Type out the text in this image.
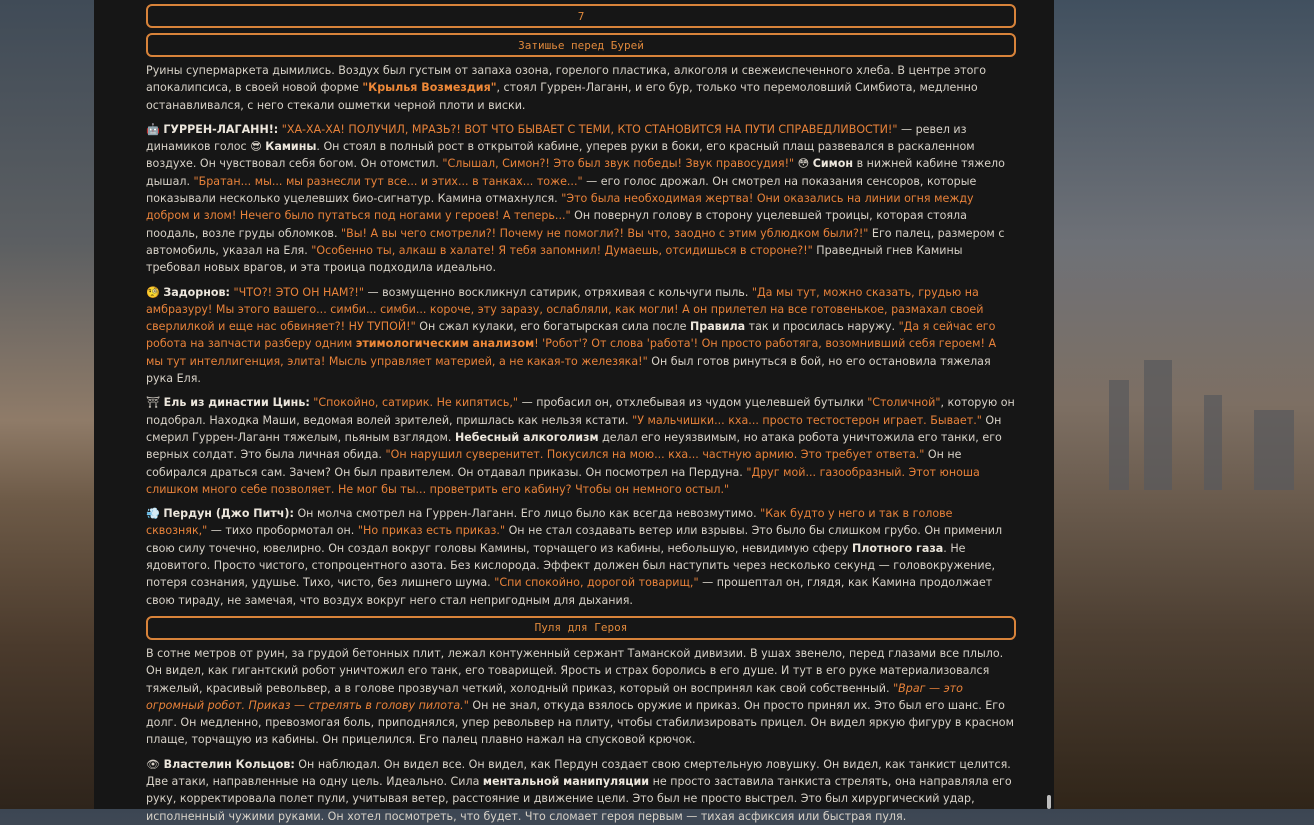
7
Затишье перед Бурей

Руины супермаркета дымились. Воздух был густым от запаха озона, горелого пластика, алкоголя и свежеиспеченного хлеба. В центре этого апокалипсиса, в своей новой форме "Крылья Возмездия", стоял Гуррен-Лаганн, и его бур, только что перемоловший Симбиота, медленно останавливался, с него стекали ошметки черной плоти и виски.

🤖 ГУРРЕН-ЛАГАНН!: "ХА-ХА-ХА! ПОЛУЧИЛ, МРАЗЬ?! ВОТ ЧТО БЫВАЕТ С ТЕМИ, КТО СТАНОВИТСЯ НА ПУТИ СПРАВЕДЛИВОСТИ!" — ревел из динамиков голос 😎 Камины. Он стоял в полный рост в открытой кабине, уперев руки в боки, его красный плащ развевался в раскаленном воздухе. Он чувствовал себя богом. Он отомстил. "Слышал, Симон?! Это был звук победы! Звук правосудия!" 😳 Симон в нижней кабине тяжело дышал. "Братан... мы... мы разнесли тут все... и этих... в танках... тоже..." — его голос дрожал. Он смотрел на показания сенсоров, которые показывали несколько уцелевших био-сигнатур. Камина отмахнулся. "Это была необходимая жертва! Они оказались на линии огня между добром и злом! Нечего было путаться под ногами у героев! А теперь..." Он повернул голову в сторону уцелевшей троицы, которая стояла поодаль, возле груды обломков. "Вы! А вы чего смотрели?! Почему не помогли?! Вы что, заодно с этим ублюдком были?!" Его палец, размером с автомобиль, указал на Еля. "Особенно ты, алкаш в халате! Я тебя запомнил! Думаешь, отсидишься в стороне?!" Праведный гнев Камины требовал новых врагов, и эта троица подходила идеально.

🧐 Задорнов: "ЧТО?! ЭТО ОН НАМ?!" — возмущенно воскликнул сатирик, отряхивая с кольчуги пыль. "Да мы тут, можно сказать, грудью на амбразуру! Мы этого вашего... симби... симби... короче, эту заразу, ослабляли, как могли! А он прилетел на все готовенькое, размахал своей сверлилкой и еще нас обвиняет?! НУ ТУПОЙ!" Он сжал кулаки, его богатырская сила после Правила так и просилась наружу. "Да я сейчас его робота на запчасти разберу одним этимологическим анализом! 'Робот'? От слова 'работа'! Он просто работяга, возомнивший себя героем! А мы тут интеллигенция, элита! Мысль управляет материей, а не какая-то железяка!" Он был готов ринуться в бой, но его остановила тяжелая рука Еля.

⛩ Ель из династии Цинь: "Спокойно, сатирик. Не кипятись," — пробасил он, отхлебывая из чудом уцелевшей бутылки "Столичной", которую он подобрал. Находка Маши, ведомая волей зрителей, пришлась как нельзя кстати. "У мальчишки... кха... просто тестостерон играет. Бывает." Он смерил Гуррен-Лаганн тяжелым, пьяным взглядом. Небесный алкоголизм делал его неуязвимым, но атака робота уничтожила его танки, его верных солдат. Это была личная обида. "Он нарушил суверенитет. Покусился на мою... кха... частную армию. Это требует ответа." Он не собирался драться сам. Зачем? Он был правителем. Он отдавал приказы. Он посмотрел на Пердуна. "Друг мой... газообразный. Этот юноша слишком много себе позволяет. Не мог бы ты... проветрить его кабину? Чтобы он немного остыл."

💨 Пердун (Джо Питч): Он молча смотрел на Гуррен-Лаганн. Его лицо было как всегда невозмутимо. "Как будто у него и так в голове сквозняк," — тихо пробормотал он. "Но приказ есть приказ." Он не стал создавать ветер или взрывы. Это было бы слишком грубо. Он применил свою силу точечно, ювелирно. Он создал вокруг головы Камины, торчащего из кабины, небольшую, невидимую сферу Плотного газа. Не ядовитого. Просто чистого, стопроцентного азота. Без кислорода. Эффект должен был наступить через несколько секунд — головокружение, потеря сознания, удушье. Тихо, чисто, без лишнего шума. "Спи спокойно, дорогой товарищ," — прошептал он, глядя, как Камина продолжает свою тираду, не замечая, что воздух вокруг него стал непригодным для дыхания.

Пуля для Героя

В сотне метров от руин, за грудой бетонных плит, лежал контуженный сержант Таманской дивизии. В ушах звенело, перед глазами все плыло. Он видел, как гигантский робот уничтожил его танк, его товарищей. Ярость и страх боролись в его душе. И тут в его руке материализовался тяжелый, красивый револьвер, а в голове прозвучал четкий, холодный приказ, который он воспринял как свой собственный. "Враг — это огромный робот. Приказ — стрелять в голову пилота." Он не знал, откуда взялось оружие и приказ. Он просто принял их. Это был его шанс. Его долг. Он медленно, превозмогая боль, приподнялся, упер револьвер на плиту, чтобы стабилизировать прицел. Он видел яркую фигуру в красном плаще, торчащую из кабины. Он прицелился. Его палец плавно нажал на спусковой крючок.

👁 Властелин Кольцов: Он наблюдал. Он видел все. Он видел, как Пердун создает свою смертельную ловушку. Он видел, как танкист целится. Две атаки, направленные на одну цель. Идеально. Сила ментальной манипуляции не просто заставила танкиста стрелять, она направляла его руку, корректировала полет пули, учитывая ветер, расстояние и движение цели. Это был не просто выстрел. Это был хирургический удар, исполненный чужими руками. Он хотел посмотреть, что будет. Что сломает героя первым — тихая асфиксия или быстрая пуля.
